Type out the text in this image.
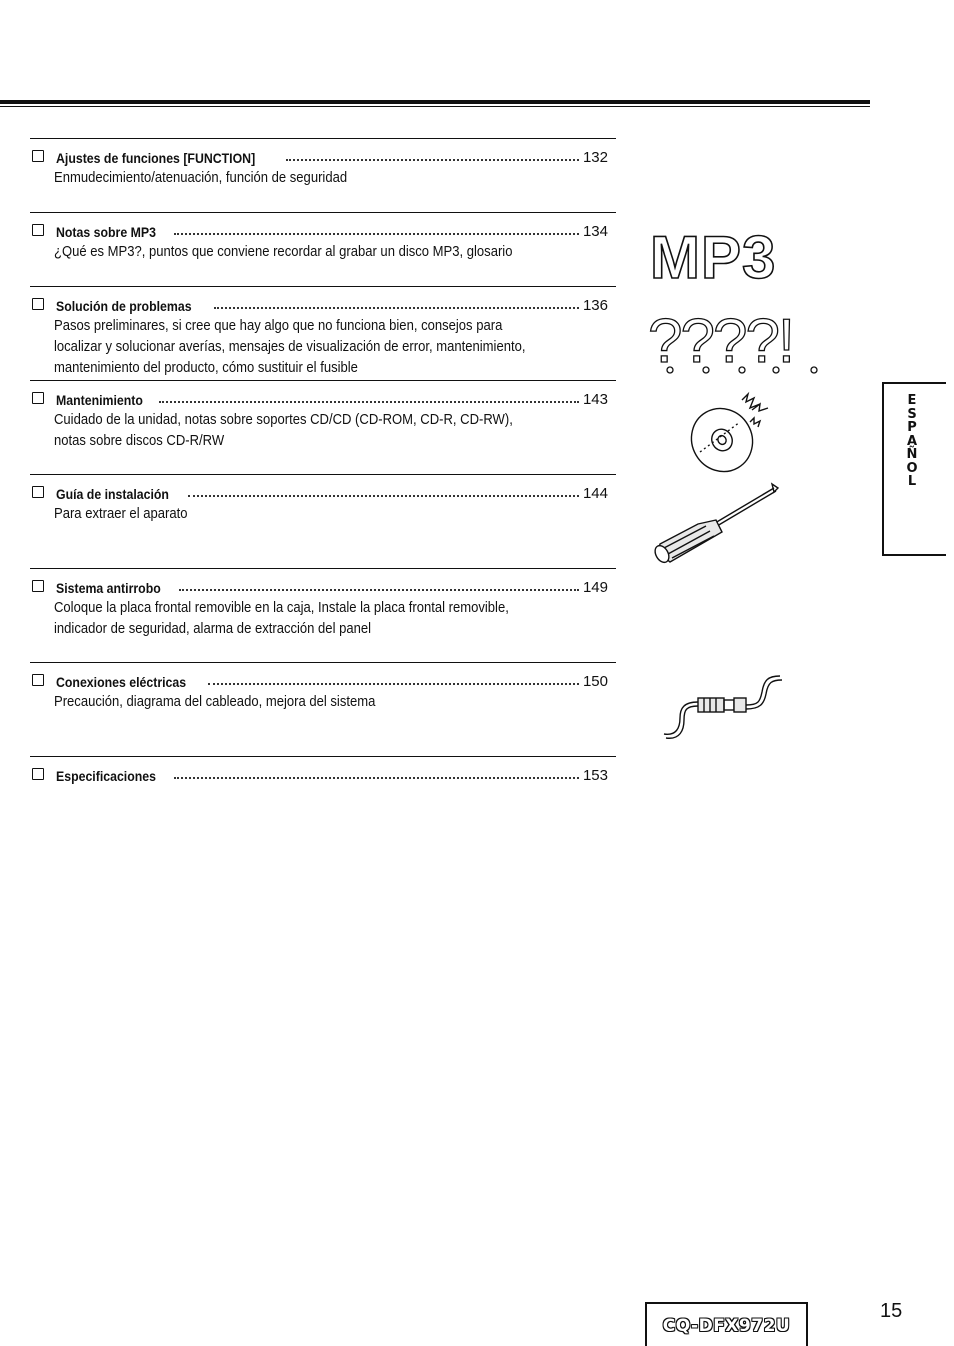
Ajustes de funciones [FUNCTION]	132
Enmudecimiento/atenuación, función de seguridad
Notas sobre MP3	134
¿Qué es MP3?, puntos que conviene recordar al grabar un disco MP3, glosario
Solución de problemas	136
Pasos preliminares, si cree que hay algo que no funciona bien, consejos para
localizar y solucionar averías, mensajes de visualización de error, mantenimiento,
mantenimiento del producto, cómo sustituir el fusible
Mantenimiento	143
Cuidado de la unidad, notas sobre soportes CD/CD (CD-ROM, CD-R, CD-RW),
notas sobre discos CD-R/RW
Guía de instalación	144
Para extraer el aparato
Sistema antirrobo	149
Coloque la placa frontal removible en la caja, Instale la placa frontal removible,
indicador de seguridad, alarma de extracción del panel
Conexiones eléctricas	150
Precaución, diagrama del cableado, mejora del sistema
Especificaciones	153
MP3
????!
E
S
P
A
Ñ
O
L
CQ-DFX972U
15
